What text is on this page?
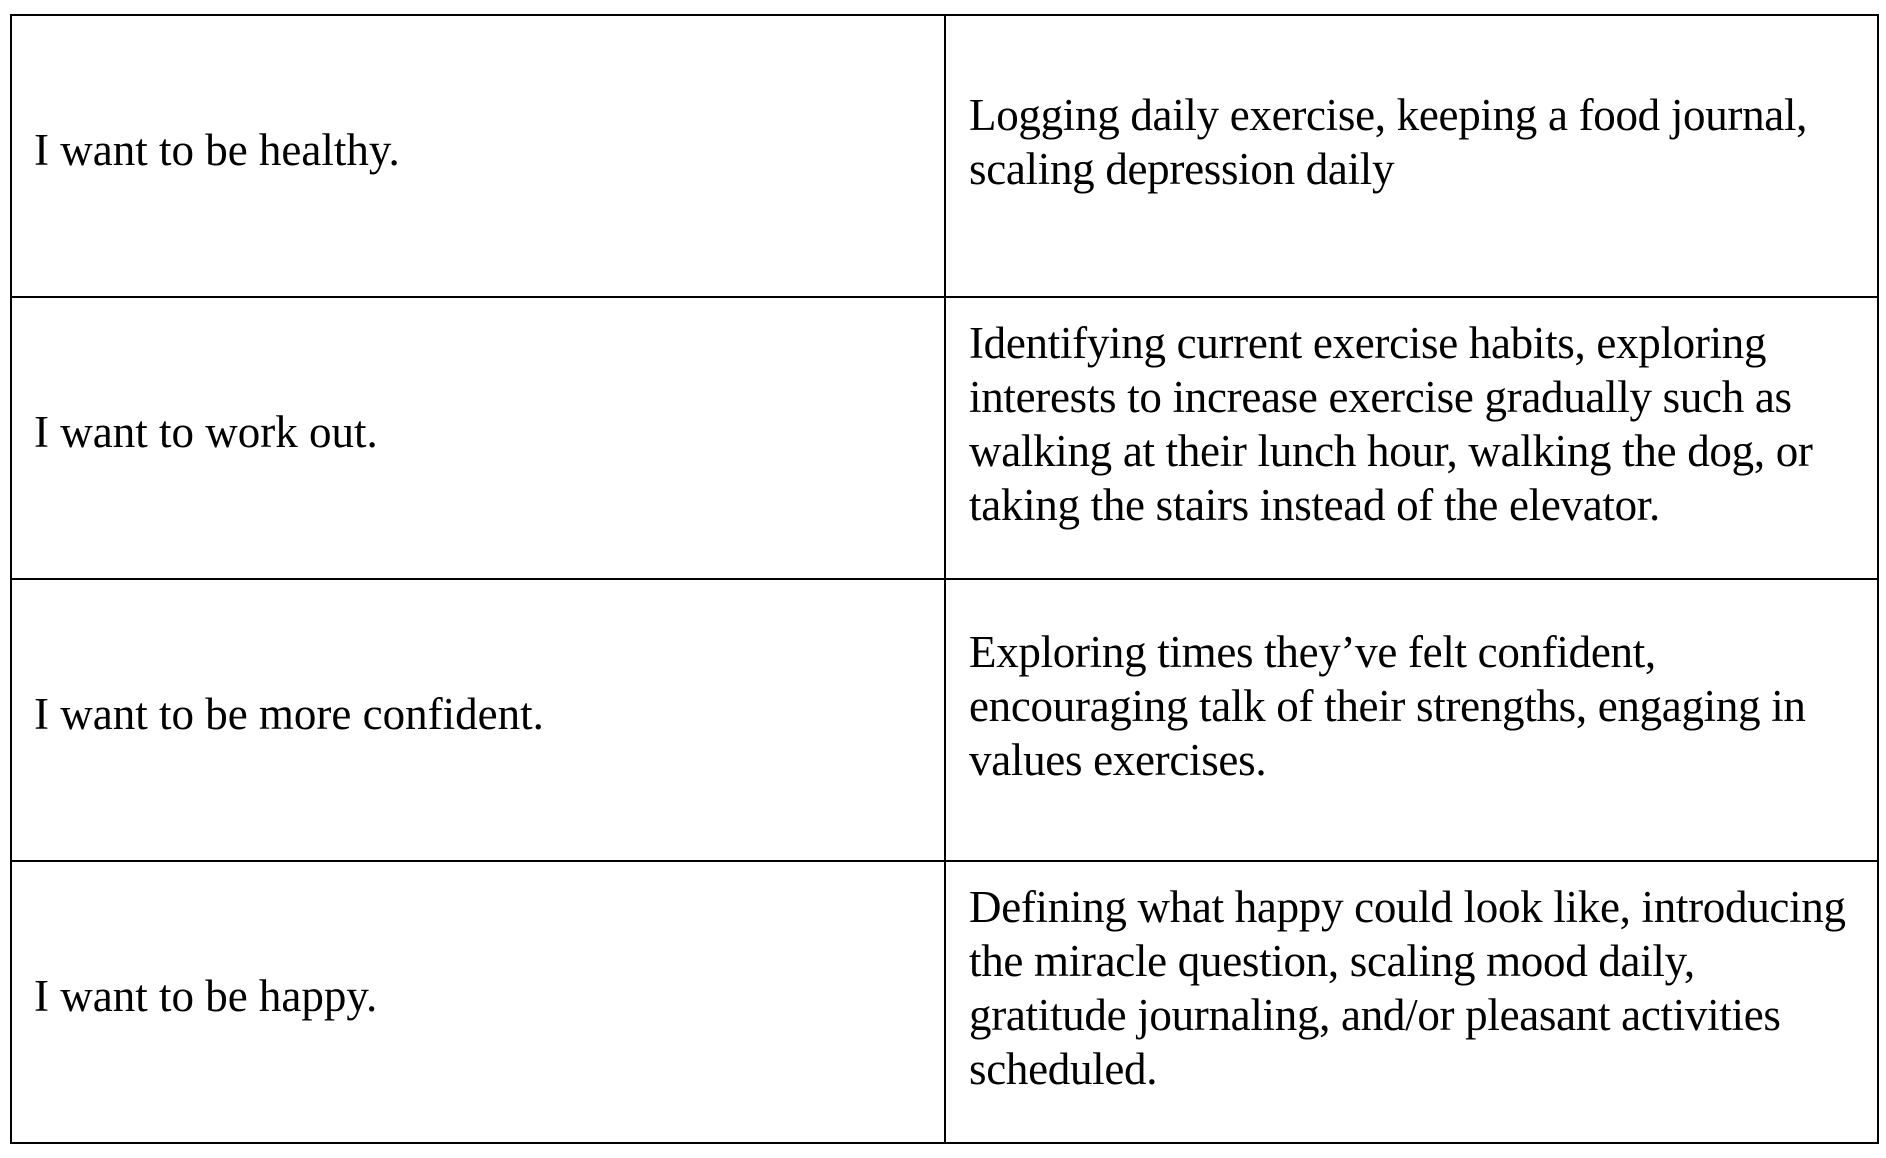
I want to be healthy.	Logging daily exercise, keeping a food journal, scaling depression daily

I want to work out.	Identifying current exercise habits, exploring interests to increase exercise gradually such as walking at their lunch hour, walking the dog, or taking the stairs instead of the elevator.

I want to be more confident.	Exploring times they’ve felt confident, encouraging talk of their strengths, engaging in values exercises.

I want to be happy.	Defining what happy could look like, introducing the miracle question, scaling mood daily, gratitude journaling, and/or pleasant activities scheduled.
